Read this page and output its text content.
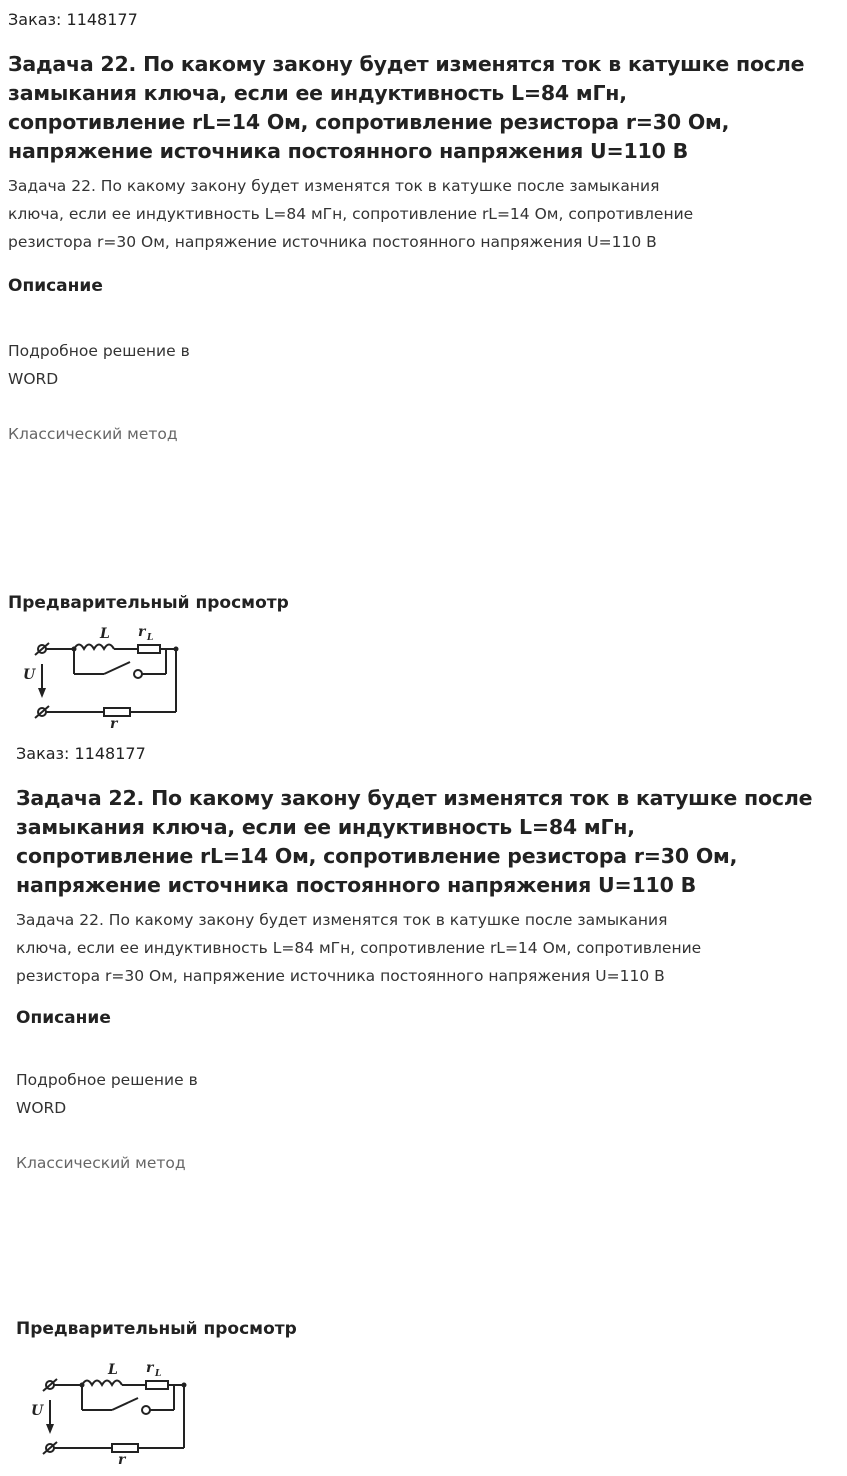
Заказ: 1148177
Задача 22. По какому закону будет изменятся ток в катушке после
замыкания ключа, если ее индуктивность L=84 мГн,
сопротивление rL=14 Ом, сопротивление резистора r=30 Ом,
напряжение источника постоянного напряжения U=110 В
Задача 22. По какому закону будет изменятся ток в катушке после замыкания
ключа, если ее индуктивность L=84 мГн, сопротивление rL=14 Ом, сопротивление
резистора r=30 Ом, напряжение источника постоянного напряжения U=110 В
Описание
Подробное решение в
WORD
Классический метод
Предварительный просмотр
L r L
U
r
Заказ: 1148177
Задача 22. По какому закону будет изменятся ток в катушке после
замыкания ключа, если ее индуктивность L=84 мГн,
сопротивление rL=14 Ом, сопротивление резистора r=30 Ом,
напряжение источника постоянного напряжения U=110 В
Задача 22. По какому закону будет изменятся ток в катушке после замыкания
ключа, если ее индуктивность L=84 мГн, сопротивление rL=14 Ом, сопротивление
резистора r=30 Ом, напряжение источника постоянного напряжения U=110 В
Описание
Подробное решение в
WORD
Классический метод
Предварительный просмотр
L r L
U
r
